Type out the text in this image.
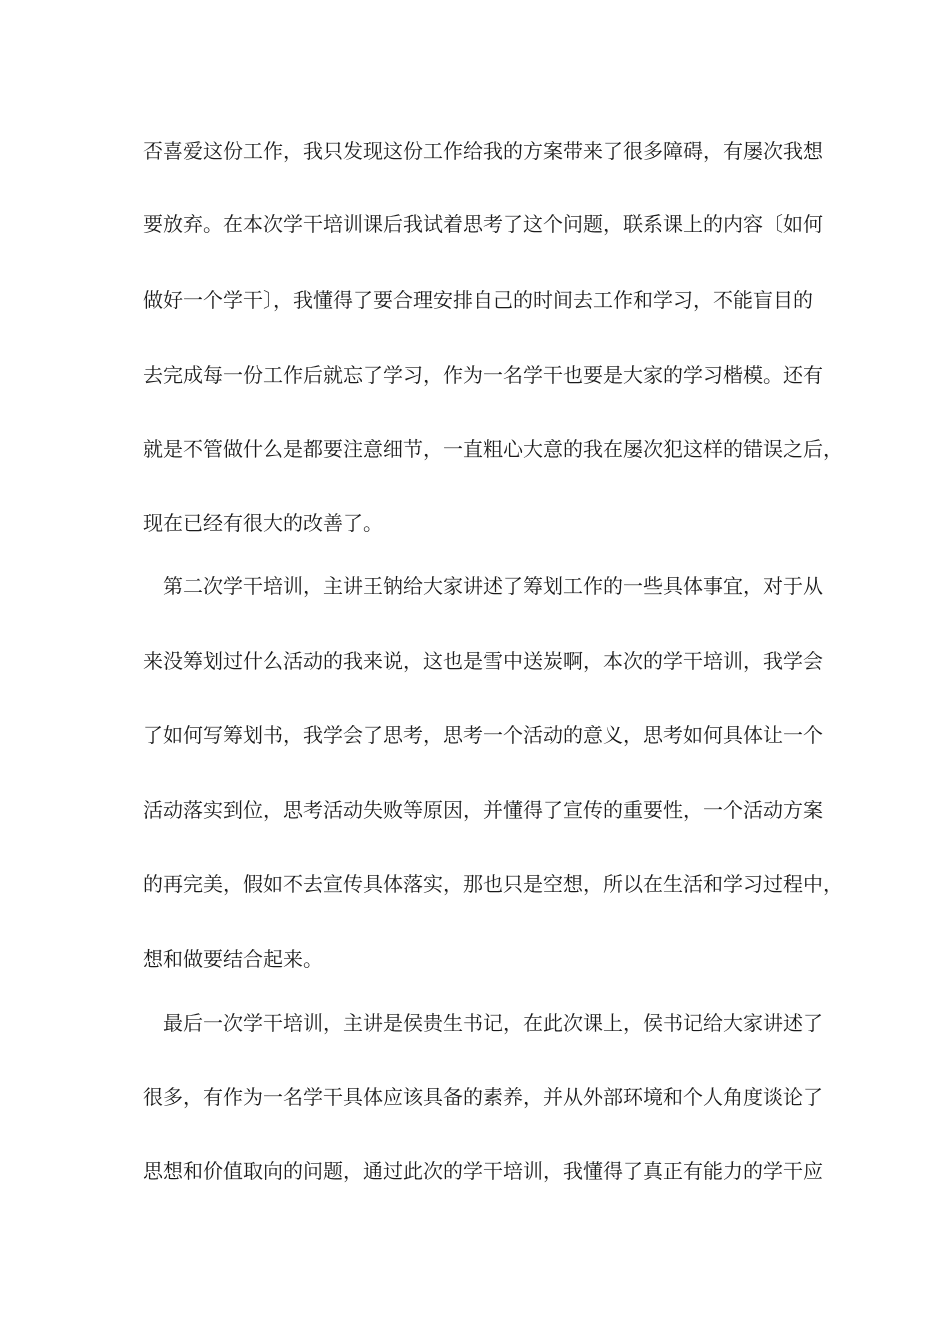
否喜爱这份工作，我只发现这份工作给我的方案带来了很多障碍，有屡次我想
要放弃。在本次学干培训课后我试着思考了这个问题，联系课上的内容〔如何
做好一个学干〕，我懂得了要合理安排自己的时间去工作和学习，不能盲目的
去完成每一份工作后就忘了学习，作为一名学干也要是大家的学习楷模。还有
就是不管做什么是都要注意细节，一直粗心大意的我在屡次犯这样的错误之后，
现在已经有很大的改善了。
第二次学干培训，主讲王钠给大家讲述了筹划工作的一些具体事宜，对于从
来没筹划过什么活动的我来说，这也是雪中送炭啊，本次的学干培训，我学会
了如何写筹划书，我学会了思考，思考一个活动的意义，思考如何具体让一个
活动落实到位，思考活动失败等原因，并懂得了宣传的重要性，一个活动方案
的再完美，假如不去宣传具体落实，那也只是空想，所以在生活和学习过程中，
想和做要结合起来。
最后一次学干培训，主讲是侯贵生书记，在此次课上，侯书记给大家讲述了
很多，有作为一名学干具体应该具备的素养，并从外部环境和个人角度谈论了
思想和价值取向的问题，通过此次的学干培训，我懂得了真正有能力的学干应
